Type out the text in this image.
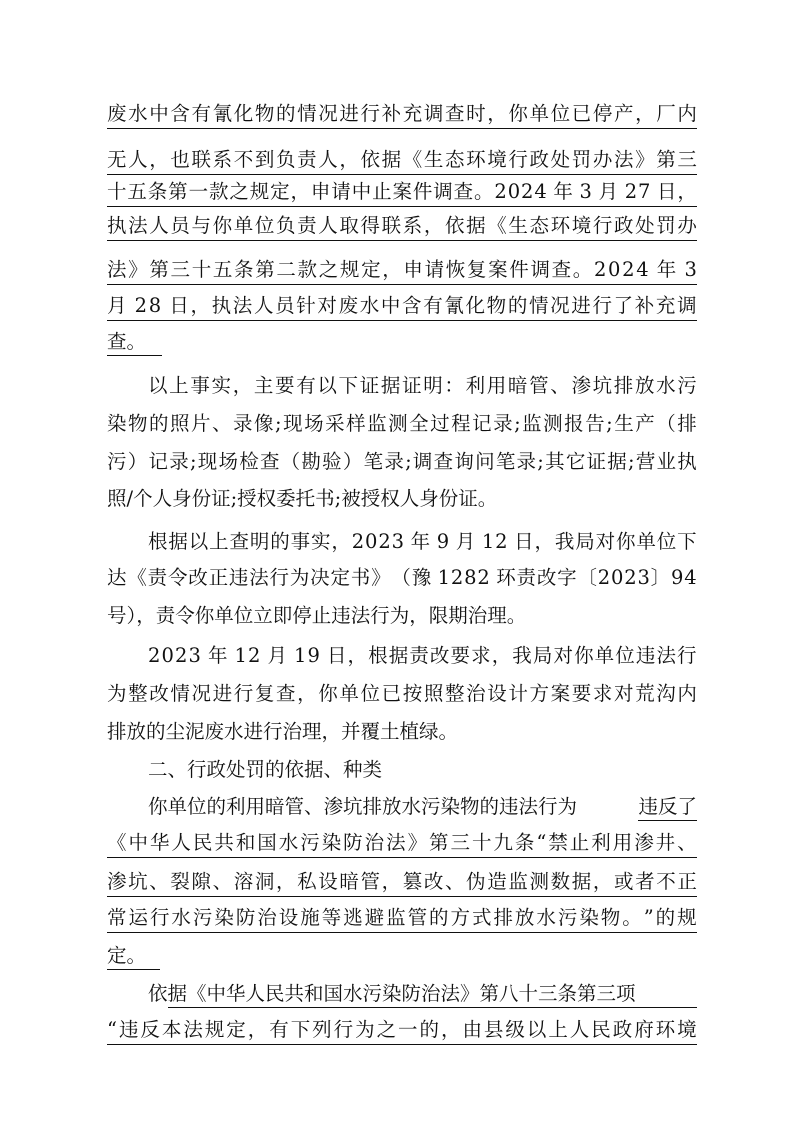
废 水 中 含 有 氰 化 物 的 情 况 进 行 补 充 调 查 时 ， 你 单 位 已 停 产 ， 厂 内
无 人 ， 也 联 系 不 到 负 责 人 ， 依 据 《 生 态 环 境 行 政 处 罚 办 法 》 第 三
十 五 条 第 一 款 之 规 定 ， 申 请 中 止 案 件 调 查 。 2 0 2 4 年 3 月 2 7 日 ，
执 法 人 员 与 你 单 位 负 责 人 取 得 联 系 ， 依 据 《 生 态 环 境 行 政 处 罚 办
法 》 第 三 十 五 条 第 二 款 之 规 定 ， 申 请 恢 复 案 件 调 查 。 2 0 2 4 年 3
月 2 8 日 ， 执 法 人 员 针 对 废 水 中 含 有 氰 化 物 的 情 况 进 行 了 补 充 调
查。
以 上 事 实 ， 主 要 有 以 下 证 据 证 明 ： 利 用 暗 管 、 渗 坑 排 放 水 污
染 物 的 照 片 、 录 像 ; 现 场 采 样 监 测 全 过 程 记 录 ; 监 测 报 告 ; 生 产 （ 排
污 ） 记 录 ; 现 场 检 查 （ 勘 验 ） 笔 录 ; 调 查 询 问 笔 录 ; 其 它 证 据 ; 营 业 执
照/个人身份证;授权委托书;被授权人身份证。
根 据 以 上 查 明 的 事 实 ， 2 0 2 3 年 9 月 1 2 日 ， 我 局 对 你 单 位 下
达 《 责 令 改 正 违 法 行 为 决 定 书 》 （ 豫 1 2 8 2 环 责 改 字 〔 2 0 2 3 〕 9 4
号），责令你单位立即停止违法行为，限期治理。
2 0 2 3 年 1 2 月 1 9 日 ， 根 据 责 改 要 求 ， 我 局 对 你 单 位 违 法 行
为 整 改 情 况 进 行 复 查 ， 你 单 位 已 按 照 整 治 设 计 方 案 要 求 对 荒 沟 内
排放的尘泥废水进行治理，并覆土植绿。
二、行政处罚的依据、种类
你单位的利用暗管、渗坑排放水污染物的违法行为	违反了
《 中 华 人 民 共 和 国 水 污 染 防 治 法 》 第 三 十 九 条 “ 禁 止 利 用 渗 井 、
渗 坑 、 裂 隙 、 溶 洞 ， 私 设 暗 管 ， 篡 改 、 伪 造 监 测 数 据 ， 或 者 不 正
常 运 行 水 污 染 防 治 设 施 等 逃 避 监 管 的 方 式 排 放 水 污 染 物 。 ” 的 规
定。
依 据《中华人民共和国水污染防治法》第八十三条第三项
“ 违 反 本 法 规 定 ， 有 下 列 行 为 之 一 的 ， 由 县 级 以 上 人 民 政 府 环 境
